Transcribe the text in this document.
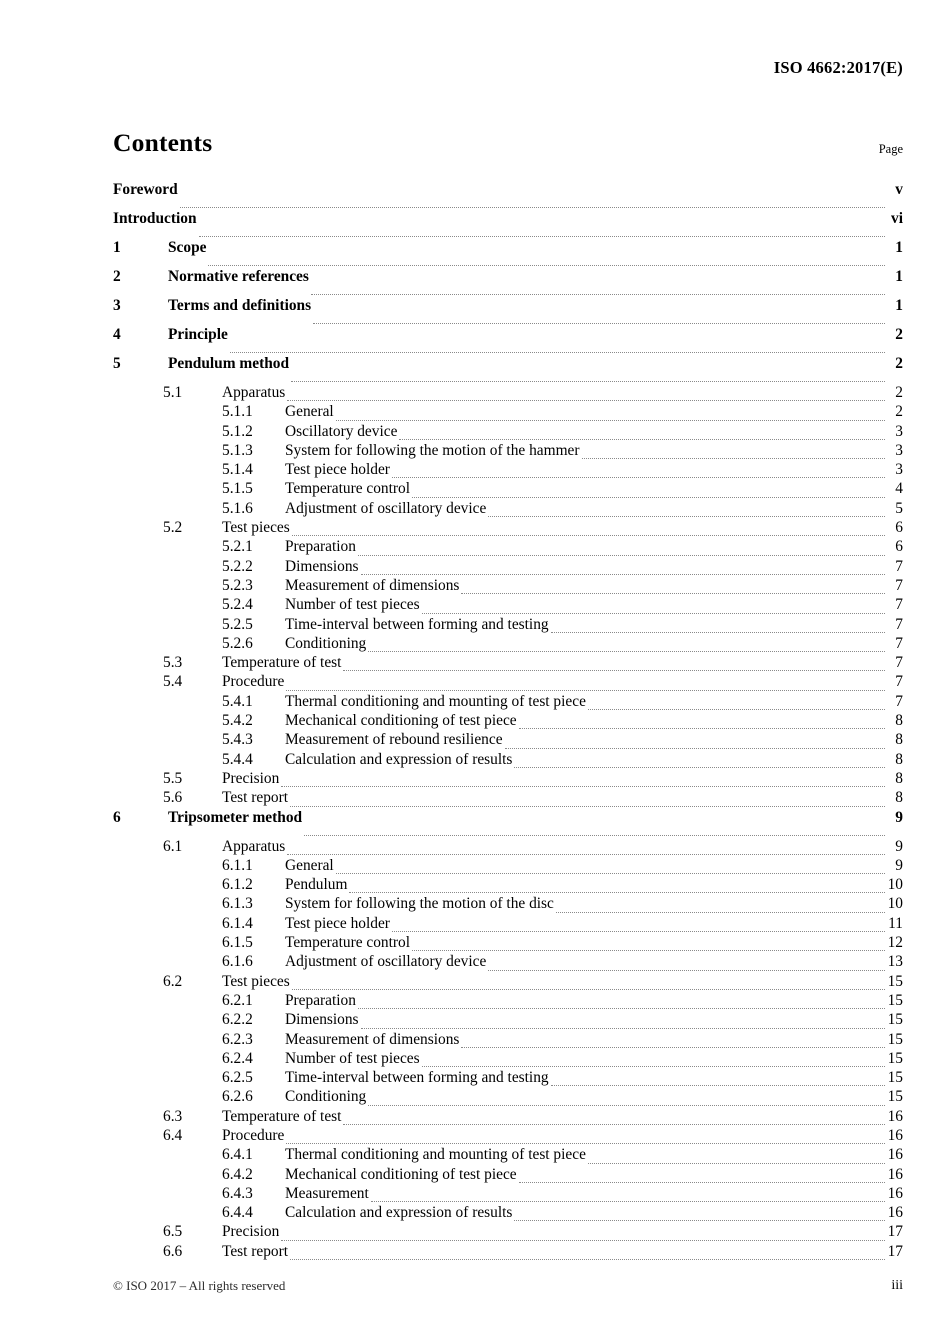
ISO 4662:2017(E)
Contents	Page
Foreword	v
Introduction	vi
1	Scope	1
2	Normative references	1
3	Terms and definitions	1
4	Principle	2
5	Pendulum method	2
5.1	Apparatus	2
5.1.1	General	2
5.1.2	Oscillatory device	3
5.1.3	System for following the motion of the hammer	3
5.1.4	Test piece holder	3
5.1.5	Temperature control	4
5.1.6	Adjustment of oscillatory device	5
5.2	Test pieces	6
5.2.1	Preparation	6
5.2.2	Dimensions	7
5.2.3	Measurement of dimensions	7
5.2.4	Number of test pieces	7
5.2.5	Time-interval between forming and testing	7
5.2.6	Conditioning	7
5.3	Temperature of test	7
5.4	Procedure	7
5.4.1	Thermal conditioning and mounting of test piece	7
5.4.2	Mechanical conditioning of test piece	8
5.4.3	Measurement of rebound resilience	8
5.4.4	Calculation and expression of results	8
5.5	Precision	8
5.6	Test report	8
6	Tripsometer method	9
6.1	Apparatus	9
6.1.1	General	9
6.1.2	Pendulum	10
6.1.3	System for following the motion of the disc	10
6.1.4	Test piece holder	11
6.1.5	Temperature control	12
6.1.6	Adjustment of oscillatory device	13
6.2	Test pieces	15
6.2.1	Preparation	15
6.2.2	Dimensions	15
6.2.3	Measurement of dimensions	15
6.2.4	Number of test pieces	15
6.2.5	Time-interval between forming and testing	15
6.2.6	Conditioning	15
6.3	Temperature of test	16
6.4	Procedure	16
6.4.1	Thermal conditioning and mounting of test piece	16
6.4.2	Mechanical conditioning of test piece	16
6.4.3	Measurement	16
6.4.4	Calculation and expression of results	16
6.5	Precision	17
6.6	Test report	17
© ISO 2017 – All rights reserved	iii
